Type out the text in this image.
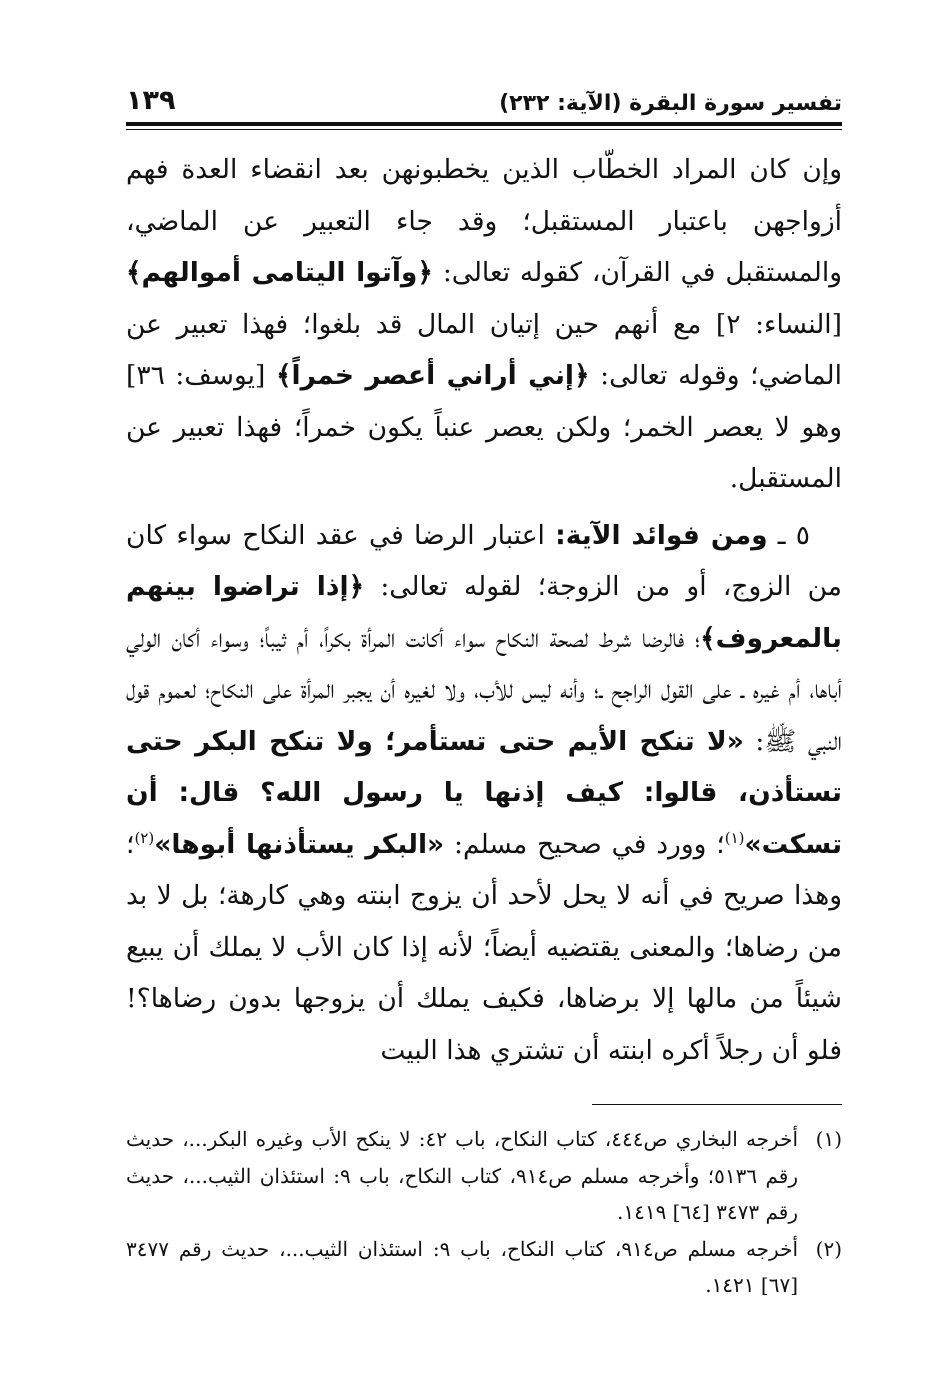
تفسير سورة البقرة (الآية: ٢٣٢)
١٣٩

وإن كان المراد الخطّاب الذين يخطبونهن بعد انقضاء العدة فهم أزواجهن باعتبار المستقبل؛ وقد جاء التعبير عن الماضي، والمستقبل في القرآن، كقوله تعالى: ﴿وآتوا اليتامى أموالهم﴾ [النساء: ٢] مع أنهم حين إتيان المال قد بلغوا؛ فهذا تعبير عن الماضي؛ وقوله تعالى: ﴿إني أراني أعصر خمراً﴾ [يوسف: ٣٦] وهو لا يعصر الخمر؛ ولكن يعصر عنباً يكون خمراً؛ فهذا تعبير عن المستقبل.

٥ ـ ومن فوائد الآية: اعتبار الرضا في عقد النكاح سواء كان من الزوج، أو من الزوجة؛ لقوله تعالى: ﴿إذا تراضوا بينهم بالمعروف﴾؛ فالرضا شرط لصحة النكاح سواء أكانت المرأة بكراً، أم ثيباً؛ وسواء أكان الولي أباها، أم غيره ـ على القول الراجح ـ؛ وأنه ليس للأب، ولا لغيره أن يجبر المرأة على النكاح؛ لعموم قول النبي ﷺ: «لا تنكح الأيم حتى تستأمر؛ ولا تنكح البكر حتى تستأذن، قالوا: كيف إذنها يا رسول الله؟ قال: أن تسكت»$^{(١)}$؛ وورد في صحيح مسلم: «البكر يستأذنها أبوها»$^{(٢)}$؛ وهذا صريح في أنه لا يحل لأحد أن يزوج ابنته وهي كارهة؛ بل لا بد من رضاها؛ والمعنى يقتضيه أيضاً؛ لأنه إذا كان الأب لا يملك أن يبيع شيئاً من مالها إلا برضاها، فكيف يملك أن يزوجها بدون رضاها؟! فلو أن رجلاً أكره ابنته أن تشتري هذا البيت

(١)
أخرجه البخاري ص٤٤٤، كتاب النكاح، باب ٤٢: لا ينكح الأب وغيره البكر...، حديث رقم ٥١٣٦؛ وأخرجه مسلم ص٩١٤، كتاب النكاح، باب ٩: استئذان الثيب...، حديث رقم ٣٤٧٣ [٦٤] ١٤١٩.
(٢)
أخرجه مسلم ص٩١٤، كتاب النكاح، باب ٩: استئذان الثيب...، حديث رقم ٣٤٧٧ [٦٧] ١٤٢١.
